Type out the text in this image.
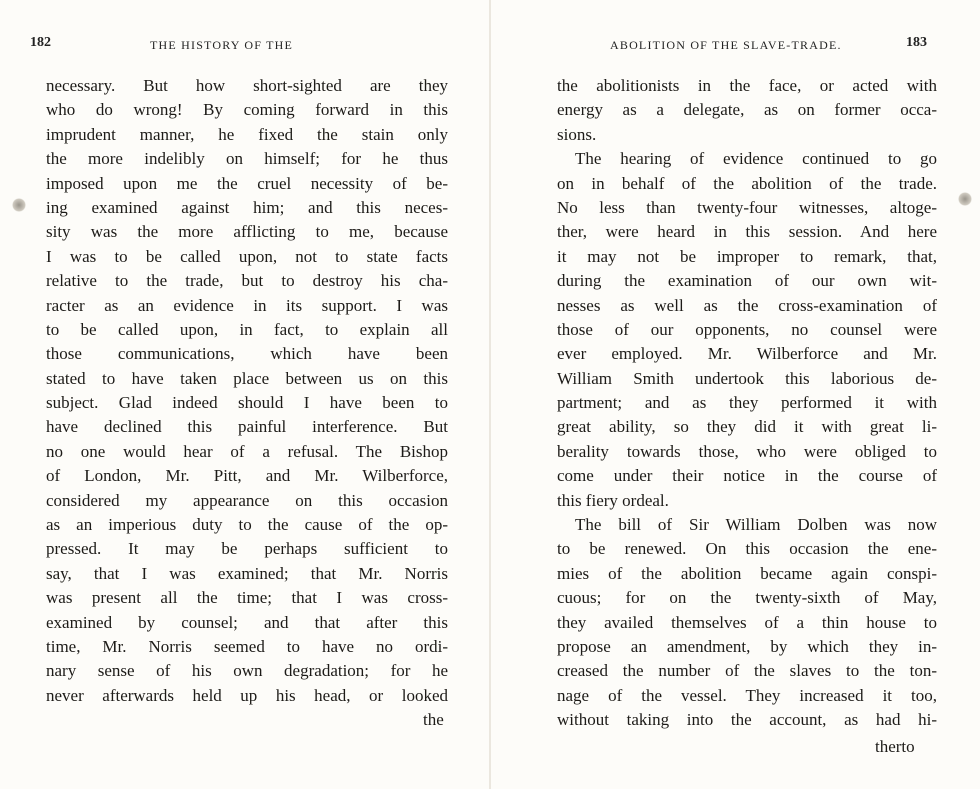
182	THE HISTORY OF THE
necessary. But how short-sighted are they
who do wrong! By coming forward in this
imprudent manner, he fixed the stain only
the more indelibly on himself; for he thus
imposed upon me the cruel necessity of be-
ing examined against him; and this neces-
sity was the more afflicting to me, because
I was to be called upon, not to state facts
relative to the trade, but to destroy his cha-
racter as an evidence in its support. I was
to be called upon, in fact, to explain all
those communications, which have been
stated to have taken place between us on this
subject. Glad indeed should I have been to
have declined this painful interference. But
no one would hear of a refusal. The Bishop
of London, Mr. Pitt, and Mr. Wilberforce,
considered my appearance on this occasion
as an imperious duty to the cause of the op-
pressed. It may be perhaps sufficient to
say, that I was examined; that Mr. Norris
was present all the time; that I was cross-
examined by counsel; and that after this
time, Mr. Norris seemed to have no ordi-
nary sense of his own degradation; for he
never afterwards held up his head, or looked
the
ABOLITION OF THE SLAVE-TRADE.	183
the abolitionists in the face, or acted with
energy as a delegate, as on former occa-
sions.
The hearing of evidence continued to go
on in behalf of the abolition of the trade.
No less than twenty-four witnesses, altoge-
ther, were heard in this session. And here
it may not be improper to remark, that,
during the examination of our own wit-
nesses as well as the cross-examination of
those of our opponents, no counsel were
ever employed. Mr. Wilberforce and Mr.
William Smith undertook this laborious de-
partment; and as they performed it with
great ability, so they did it with great li-
berality towards those, who were obliged to
come under their notice in the course of
this fiery ordeal.
The bill of Sir William Dolben was now
to be renewed. On this occasion the ene-
mies of the abolition became again conspi-
cuous; for on the twenty-sixth of May,
they availed themselves of a thin house to
propose an amendment, by which they in-
creased the number of the slaves to the ton-
nage of the vessel. They increased it too,
without taking into the account, as had hi-
therto
